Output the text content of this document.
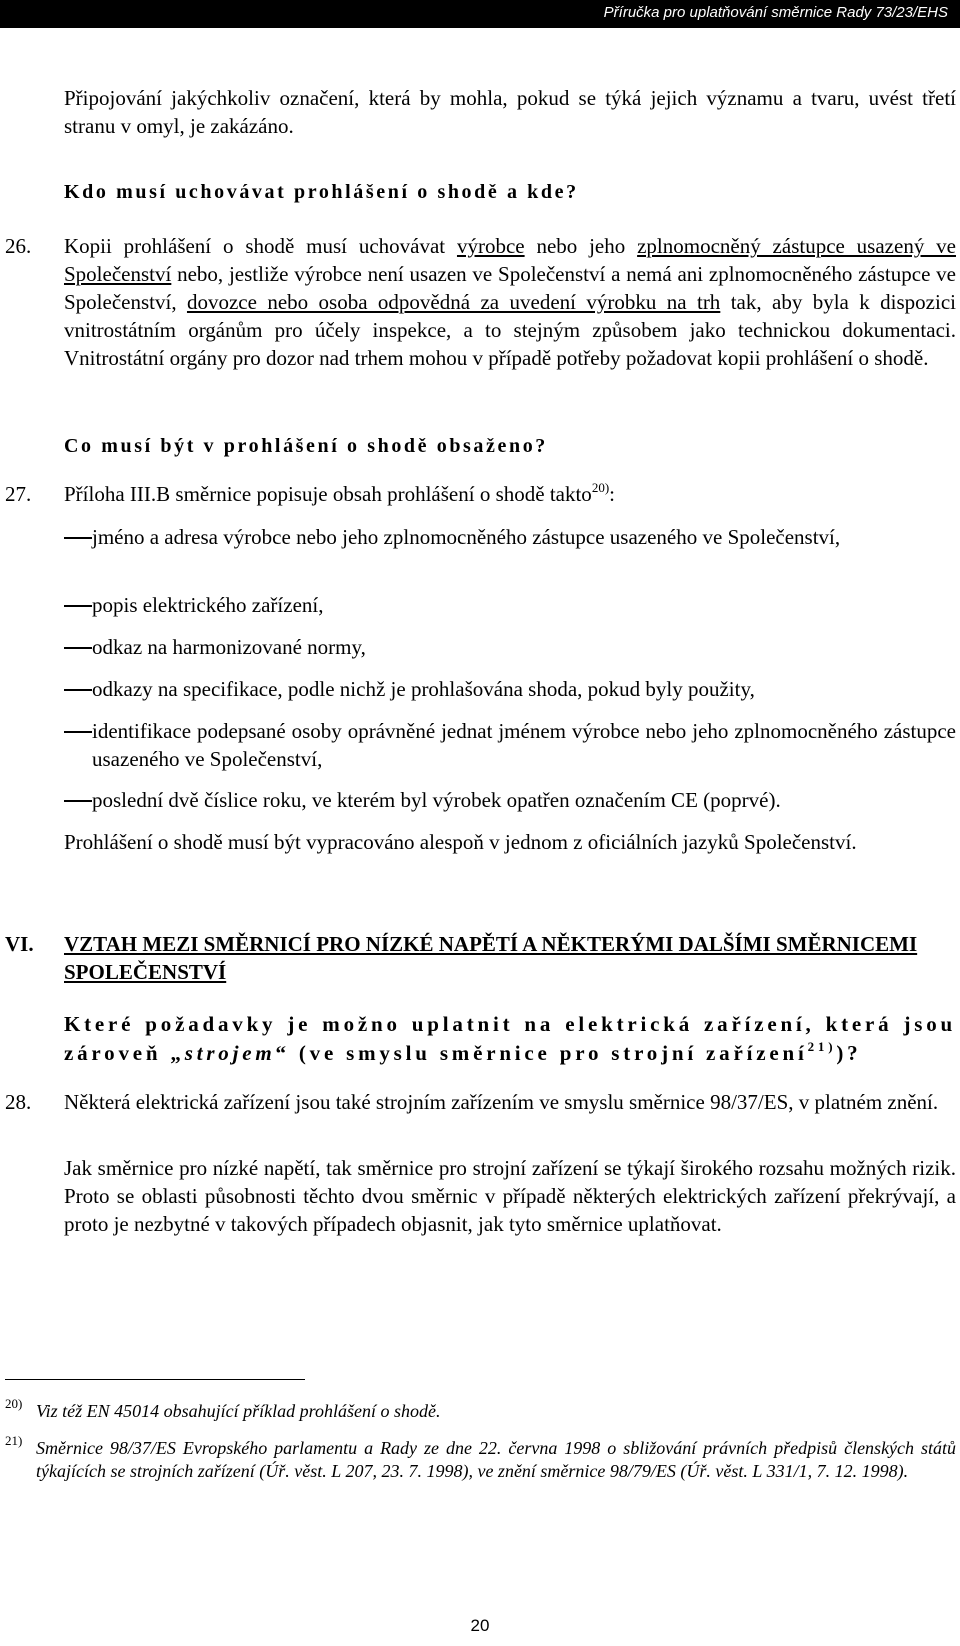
Příručka pro uplatňování směrnice Rady 73/23/EHS
Připojování jakýchkoliv označení, která by mohla, pokud se týká jejich významu a tvaru, uvést třetí stranu v omyl, je zakázáno.
Kdo musí uchovávat prohlášení o shodě a kde?
26. Kopii prohlášení o shodě musí uchovávat výrobce nebo jeho zplnomocněný zástupce usazený ve Společenství nebo, jestliže výrobce není usazen ve Společenství a nemá ani zplnomocněného zástupce ve Společenství, dovozce nebo osoba odpovědná za uvedení výrobku na trh tak, aby byla k dispozici vnitrostátním orgánům pro účely inspekce, a to stejným způsobem jako technickou dokumentaci. Vnitrostátní orgány pro dozor nad trhem mohou v případě potřeby požadovat kopii prohlášení o shodě.
Co musí být v prohlášení o shodě obsaženo?
27. Příloha III.B směrnice popisuje obsah prohlášení o shodě takto$^{20)}$:
jméno a adresa výrobce nebo jeho zplnomocněného zástupce usazeného ve Společenství,
popis elektrického zařízení,
odkaz na harmonizované normy,
odkazy na specifikace, podle nichž je prohlašována shoda, pokud byly použity,
identifikace podepsané osoby oprávněné jednat jménem výrobce nebo jeho zplnomocněného zástupce usazeného ve Společenství,
poslední dvě číslice roku, ve kterém byl výrobek opatřen označením CE (poprvé).
Prohlášení o shodě musí být vypracováno alespoň v jednom z oficiálních jazyků Společenství.
VI. VZTAH MEZI SMĚRNICÍ PRO NÍZKÉ NAPĚTÍ A NĚKTERÝMI DALŠÍMI SMĚRNICEMI SPOLEČENSTVÍ
Které požadavky je možno uplatnit na elektrická zařízení, která jsou zároveň „strojem“ (ve smyslu směrnice pro strojní zařízení$^{21)}$)?
28. Některá elektrická zařízení jsou také strojním zařízením ve smyslu směrnice 98/37/ES, v platném znění.
Jak směrnice pro nízké napětí, tak směrnice pro strojní zařízení se týkají širokého rozsahu možných rizik. Proto se oblasti působnosti těchto dvou směrnic v případě některých elektrických zařízení překrývají, a proto je nezbytné v takových případech objasnit, jak tyto směrnice uplatňovat.
20) Viz též EN 45014 obsahující příklad prohlášení o shodě.
21) Směrnice 98/37/ES Evropského parlamentu a Rady ze dne 22. června 1998 o sbližování právních předpisů členských států týkajících se strojních zařízení (Úř. věst. L 207, 23. 7. 1998), ve znění směrnice 98/79/ES (Úř. věst. L 331/1, 7. 12. 1998).
20
